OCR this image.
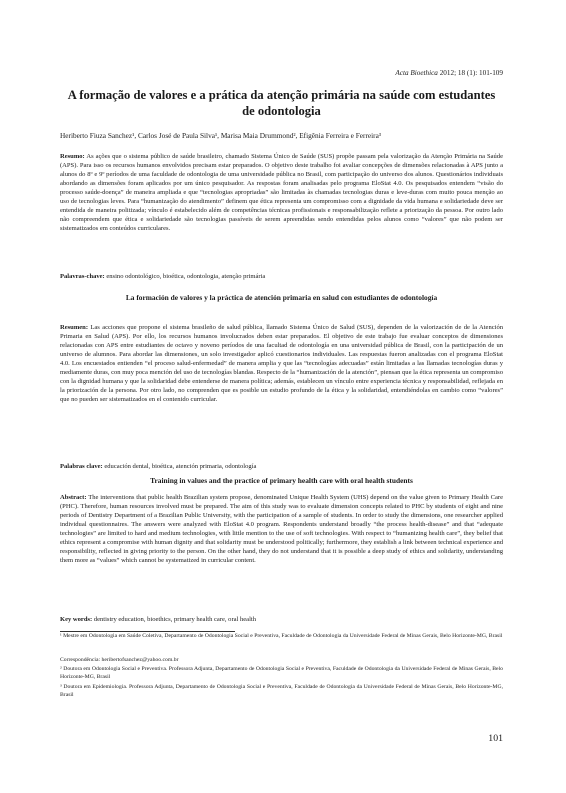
Acta Bioethica 2012; 18 (1): 101-109
A formação de valores e a prática da atenção primária na saúde com estudantes de odontologia
Heriberto Fiuza Sanchez¹, Carlos José de Paula Silva¹, Marisa Maia Drummond², Efigênia Ferreira e Ferreira³
Resumo: As ações que o sistema público de saúde brasileiro, chamado Sistema Único de Saúde (SUS) propõe passam pela valorização da Atenção Primária na Saúde (APS). Para isso os recursos humanos envolvidos precisam estar preparados. O objetivo deste trabalho foi avaliar concepções de dimensões relacionadas à APS junto a alunos do 8º e 9º períodos de uma faculdade de odontologia de uma universidade pública no Brasil, com participação do universo dos alunos. Questionários individuais abordando as dimensões foram aplicados por um único pesquisador. As respostas foram analisadas pelo programa EloStat 4.0. Os pesquisados entendem “visão do processo saúde-doença” de maneira ampliada e que “tecnologias apropriadas” são limitadas às chamadas tecnologias duras e leve-duras com muito pouca menção ao uso de tecnologias leves. Para “humanização do atendimento” definem que ética representa um compromisso com a dignidade da vida humana e solidariedade deve ser entendida de maneira politizada; vínculo é estabelecido além de competências técnicas profissionais e responsabilização reflete a priorização da pessoa. Por outro lado não compreendem que ética e solidariedade são tecnologias passíveis de serem apreendidas sendo entendidas pelos alunos como “valores” que não podem ser sistematizados em conteúdos curriculares.
Palavras-chave: ensino odontológico, bioética, odontologia, atenção primária
La formación de valores y la práctica de atención primaria en salud con estudiantes de odontología
Resumen: Las acciones que propone el sistema brasileño de salud pública, llamado Sistema Único de Salud (SUS), dependen de la valorización de de la Atención Primaria en Salud (APS). Por ello, los recursos humanos involucrados deben estar preparados. El objetivo de este trabajo fue evaluar conceptos de dimensiones relacionadas con APS entre estudiantes de octavo y noveno períodos de una facultad de odontología en una universidad pública de Brasil, con la participación de un universo de alumnos. Para abordar las dimensiones, un solo investigador aplicó cuestionarios individuales. Las respuestas fueron analizadas con el programa EloStat 4.0. Los encuestados entienden “el proceso salud-enfermedad” de manera amplia y que las “tecnologías adecuadas” están limitadas a las llamadas tecnologías duras y mediamente duras, con muy poca mención del uso de tecnologías blandas. Respecto de la “humanización de la atención”, piensan que la ética representa un compromiso con la dignidad humana y que la solidaridad debe entenderse de manera política; además, establecen un vínculo entre experiencia técnica y responsabilidad, reflejada en la priorización de la persona. Por otro lado, no comprenden que es posible un estudio profundo de la ética y la solidaridad, entendiéndolas en cambio como “valores” que no pueden ser sistematizados en el contenido curricular.
Palabras clave: educación dental, bioética, atención primaria, odontología
Training in values and the practice of primary health care with oral health students
Abstract: The interventions that public health Brazilian system propose, denominated Unique Health System (UHS) depend on the value given to Primary Health Care (PHC). Therefore, human resources involved must be prepared. The aim of this study was to evaluate dimension concepts related to PHC by students of eight and nine periods of Dentistry Department of a Brazilian Public University, with the participation of a sample of students. In order to study the dimensions, one researcher applied individual questionnaires. The answers were analyzed with EloStat 4.0 program. Respondents understand broadly “the process health-disease” and that “adequate technologies” are limited to hard and medium technologies, with little mention to the use of soft technologies. With respect to “humanizing health care”, they belief that ethics represent a compromise with human dignity and that solidarity must be understood politically; furthermore, they establish a link between technical experience and responsibility, reflected in giving priority to the person. On the other hand, they do not understand that it is possible a deep study of ethics and solidarity, understanding them more as “values” which cannot be systematized in curricular content.
Key words: dentistry education, bioethics, primary health care, oral health
¹ Mestre em Odontologia em Saúde Coletiva, Departamento de Odontologia Social e Preventiva, Faculdade de Odontologia da Universidade Federal de Minas Gerais, Belo Horizonte-MG, Brasil
Correspondência: heribertofsanchez@yahoo.com.br
² Doutora em Odontologia Social e Preventiva. Professora Adjunta, Departamento de Odontologia Social e Preventiva, Faculdade de Odontologia da Universidade Federal de Minas Gerais, Belo Horizonte-MG, Brasil
³ Doutora em Epidemiologia. Professora Adjunta, Departamento de Odontologia Social e Preventiva, Faculdade de Odontologia da Universidade Federal de Minas Gerais, Belo Horizonte-MG, Brasil
101
